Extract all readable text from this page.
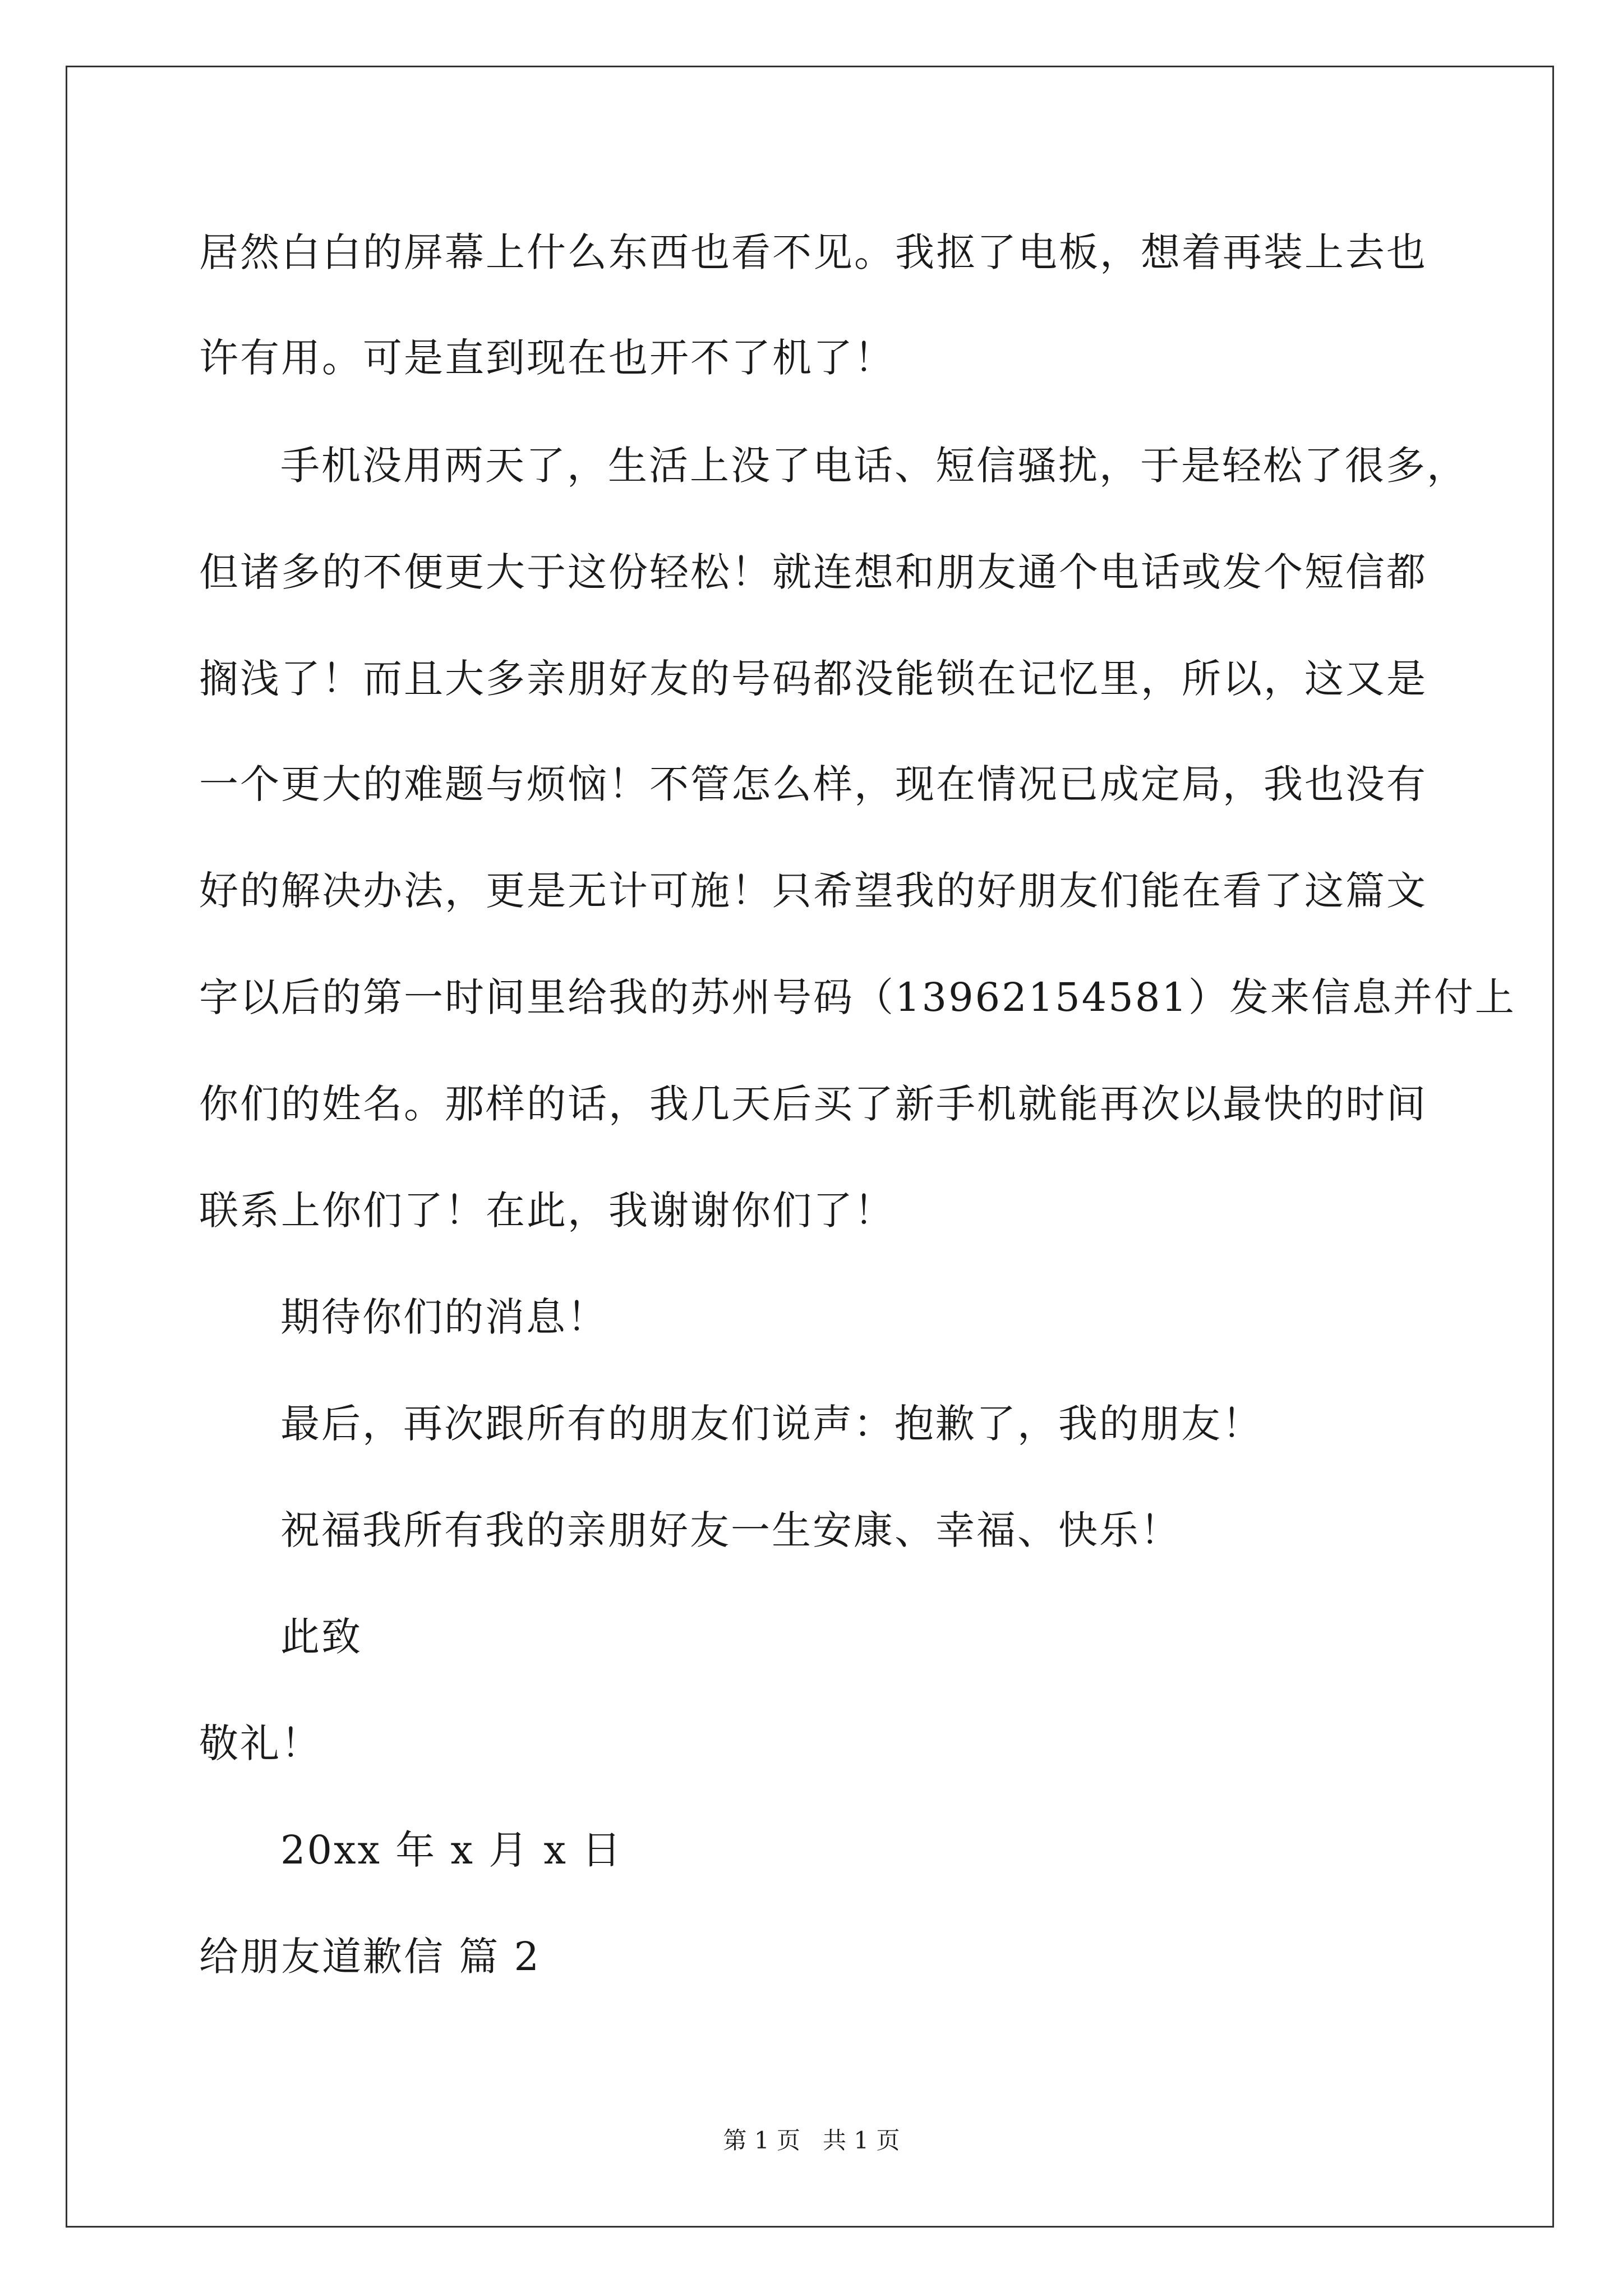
居然白白的屏幕上什么东西也看不见。我抠了电板，想着再装上去也
许有用。可是直到现在也开不了机了！
手机没用两天了，生活上没了电话、短信骚扰，于是轻松了很多，
但诸多的不便更大于这份轻松！就连想和朋友通个电话或发个短信都
搁浅了！而且大多亲朋好友的号码都没能锁在记忆里，所以，这又是
一个更大的难题与烦恼！不管怎么样，现在情况已成定局，我也没有
好的解决办法，更是无计可施！只希望我的好朋友们能在看了这篇文
字以后的第一时间里给我的苏州号码（13962154581）发来信息并付上
你们的姓名。那样的话，我几天后买了新手机就能再次以最快的时间
联系上你们了！在此，我谢谢你们了！
期待你们的消息！
最后，再次跟所有的朋友们说声：抱歉了，我的朋友！
祝福我所有我的亲朋好友一生安康、幸福、快乐！
此致
敬礼！
20xx 年 x 月 x 日
给朋友道歉信 篇 2
第 1 页   共 1 页
